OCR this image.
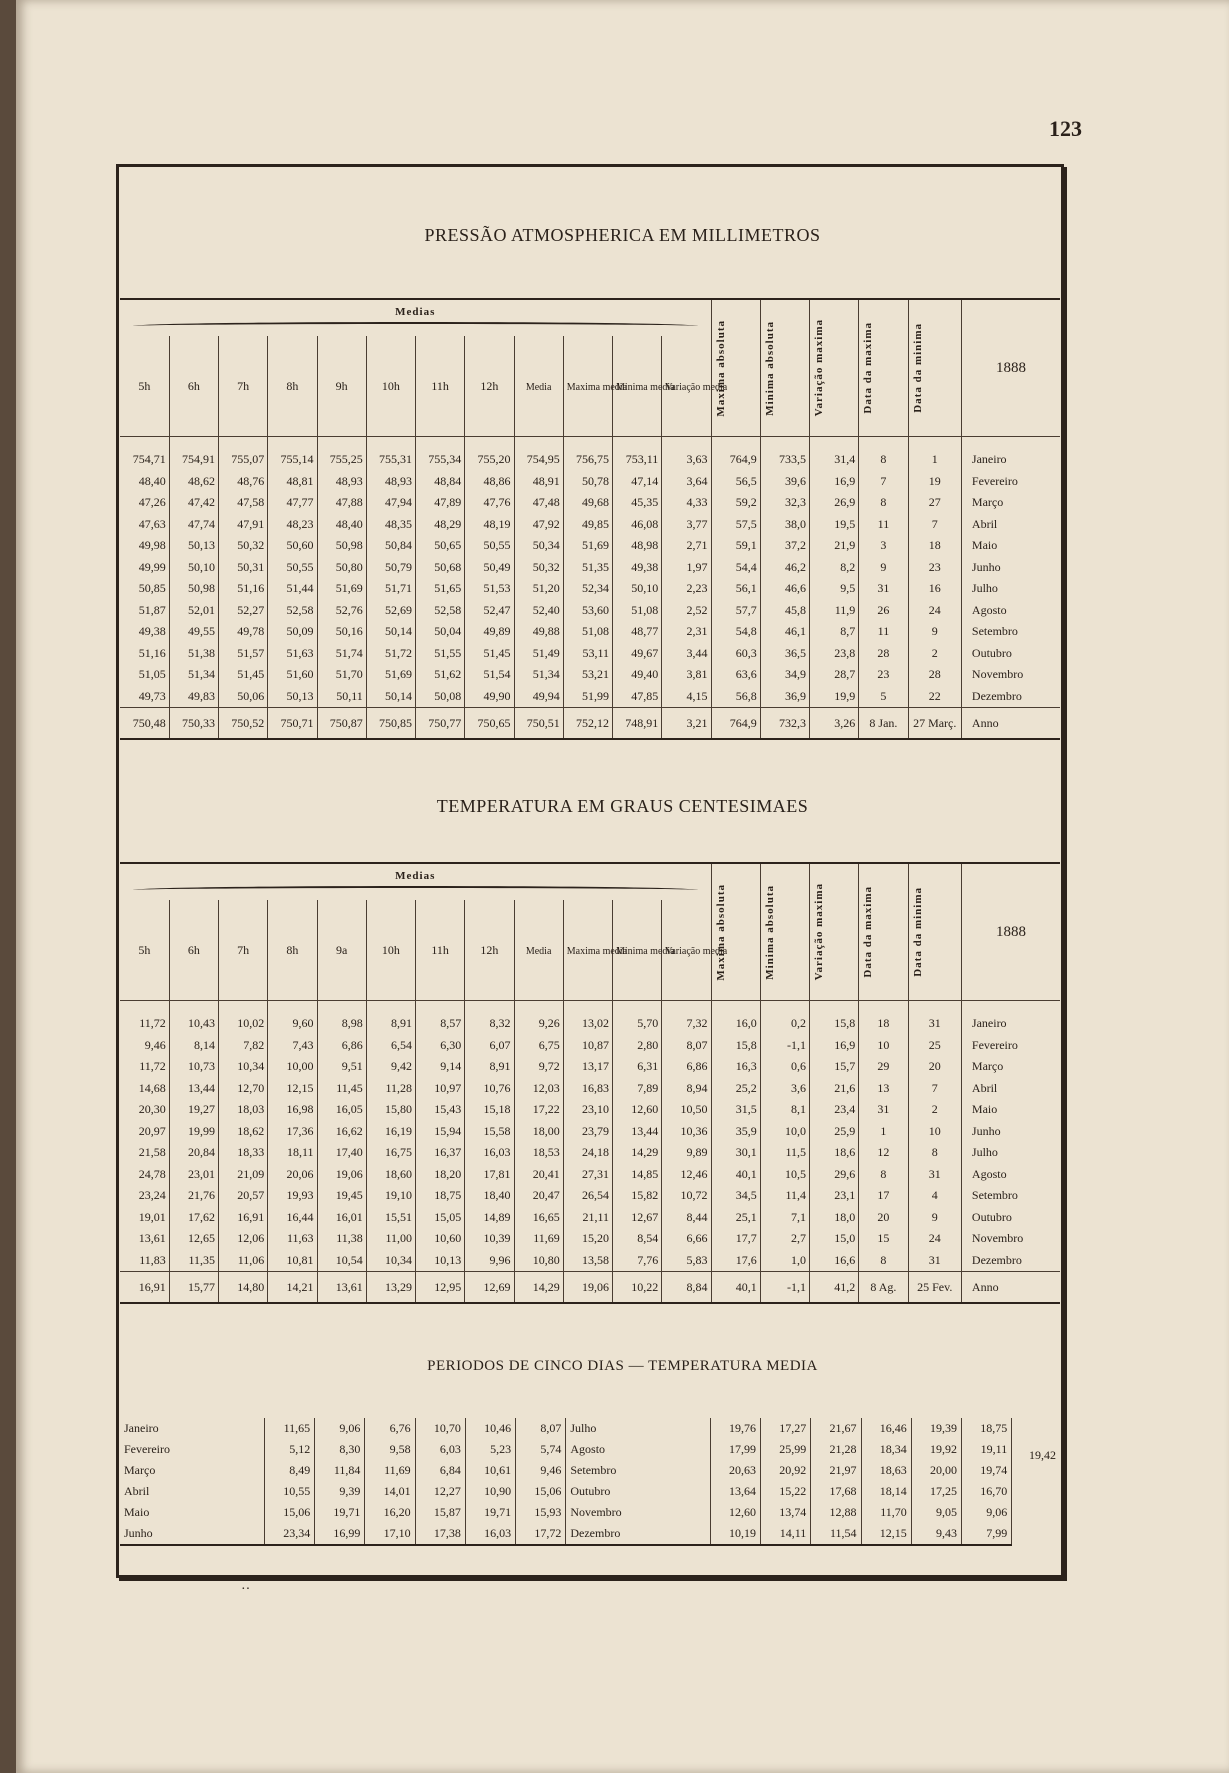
123
PRESSÃO ATMOSPHERICA EM MILLIMETROS
Medias												Maxima absoluta	Minima absoluta	Variação maxima	Data da maxima	Data da minima	1888
5h	6h	7h	8h	9h	10h	11h	12h	Media	Maxima media	Minima media	Variação media						

754,71	754,91	755,07	755,14	755,25	755,31	755,34	755,20	754,95	756,75	753,11	3,63	764,9	733,5	31,4	8	1	Janeiro
48,40	48,62	48,76	48,81	48,93	48,93	48,84	48,86	48,91	50,78	47,14	3,64	56,5	39,6	16,9	7	19	Fevereiro
47,26	47,42	47,58	47,77	47,88	47,94	47,89	47,76	47,48	49,68	45,35	4,33	59,2	32,3	26,9	8	27	Março
47,63	47,74	47,91	48,23	48,40	48,35	48,29	48,19	47,92	49,85	46,08	3,77	57,5	38,0	19,5	11	7	Abril
49,98	50,13	50,32	50,60	50,98	50,84	50,65	50,55	50,34	51,69	48,98	2,71	59,1	37,2	21,9	3	18	Maio
49,99	50,10	50,31	50,55	50,80	50,79	50,68	50,49	50,32	51,35	49,38	1,97	54,4	46,2	8,2	9	23	Junho
50,85	50,98	51,16	51,44	51,69	51,71	51,65	51,53	51,20	52,34	50,10	2,23	56,1	46,6	9,5	31	16	Julho
51,87	52,01	52,27	52,58	52,76	52,69	52,58	52,47	52,40	53,60	51,08	2,52	57,7	45,8	11,9	26	24	Agosto
49,38	49,55	49,78	50,09	50,16	50,14	50,04	49,89	49,88	51,08	48,77	2,31	54,8	46,1	8,7	11	9	Setembro
51,16	51,38	51,57	51,63	51,74	51,72	51,55	51,45	51,49	53,11	49,67	3,44	60,3	36,5	23,8	28	2	Outubro
51,05	51,34	51,45	51,60	51,70	51,69	51,62	51,54	51,34	53,21	49,40	3,81	63,6	34,9	28,7	23	28	Novembro
49,73	49,83	50,06	50,13	50,11	50,14	50,08	49,90	49,94	51,99	47,85	4,15	56,8	36,9	19,9	5	22	Dezembro
750,48	750,33	750,52	750,71	750,87	750,85	750,77	750,65	750,51	752,12	748,91	3,21	764,9	732,3	3,26	8 Jan.	27 Març.	Anno
TEMPERATURA EM GRAUS CENTESIMAES
Medias												Maxima absoluta	Minima absoluta	Variação maxima	Data da maxima	Data da minima	1888
5h	6h	7h	8h	9a	10h	11h	12h	Media	Maxima media	Minima media	Variação media						

11,72	10,43	10,02	9,60	8,98	8,91	8,57	8,32	9,26	13,02	5,70	7,32	16,0	0,2	15,8	18	31	Janeiro
9,46	8,14	7,82	7,43	6,86	6,54	6,30	6,07	6,75	10,87	2,80	8,07	15,8	-1,1	16,9	10	25	Fevereiro
11,72	10,73	10,34	10,00	9,51	9,42	9,14	8,91	9,72	13,17	6,31	6,86	16,3	0,6	15,7	29	20	Março
14,68	13,44	12,70	12,15	11,45	11,28	10,97	10,76	12,03	16,83	7,89	8,94	25,2	3,6	21,6	13	7	Abril
20,30	19,27	18,03	16,98	16,05	15,80	15,43	15,18	17,22	23,10	12,60	10,50	31,5	8,1	23,4	31	2	Maio
20,97	19,99	18,62	17,36	16,62	16,19	15,94	15,58	18,00	23,79	13,44	10,36	35,9	10,0	25,9	1	10	Junho
21,58	20,84	18,33	18,11	17,40	16,75	16,37	16,03	18,53	24,18	14,29	9,89	30,1	11,5	18,6	12	8	Julho
24,78	23,01	21,09	20,06	19,06	18,60	18,20	17,81	20,41	27,31	14,85	12,46	40,1	10,5	29,6	8	31	Agosto
23,24	21,76	20,57	19,93	19,45	19,10	18,75	18,40	20,47	26,54	15,82	10,72	34,5	11,4	23,1	17	4	Setembro
19,01	17,62	16,91	16,44	16,01	15,51	15,05	14,89	16,65	21,11	12,67	8,44	25,1	7,1	18,0	20	9	Outubro
13,61	12,65	12,06	11,63	11,38	11,00	10,60	10,39	11,69	15,20	8,54	6,66	17,7	2,7	15,0	15	24	Novembro
11,83	11,35	11,06	10,81	10,54	10,34	10,13	9,96	10,80	13,58	7,76	5,83	17,6	1,0	16,6	8	31	Dezembro
16,91	15,77	14,80	14,21	13,61	13,29	12,95	12,69	14,29	19,06	10,22	8,84	40,1	-1,1	41,2	8 Ag.	25 Fev.	Anno
PERIODOS DE CINCO DIAS — TEMPERATURA MEDIA
Janeiro	11,65	9,06	6,76	10,70	10,46	8,07	Julho	19,76	17,27	21,67	16,46	19,39	18,75	19,42
Fevereiro	5,12	8,30	9,58	6,03	5,23	5,74	Agosto	17,99	25,99	21,28	18,34	19,92	19,11	
Março	8,49	11,84	11,69	6,84	10,61	9,46	Setembro	20,63	20,92	21,97	18,63	20,00	19,74	
Abril	10,55	9,39	14,01	12,27	10,90	15,06	Outubro	13,64	15,22	17,68	18,14	17,25	16,70	
Maio	15,06	19,71	16,20	15,87	19,71	15,93	Novembro	12,60	13,74	12,88	11,70	9,05	9,06	
Junho	23,34	16,99	17,10	17,38	16,03	17,72	Dezembro	10,19	14,11	11,54	12,15	9,43	7,99	
··
